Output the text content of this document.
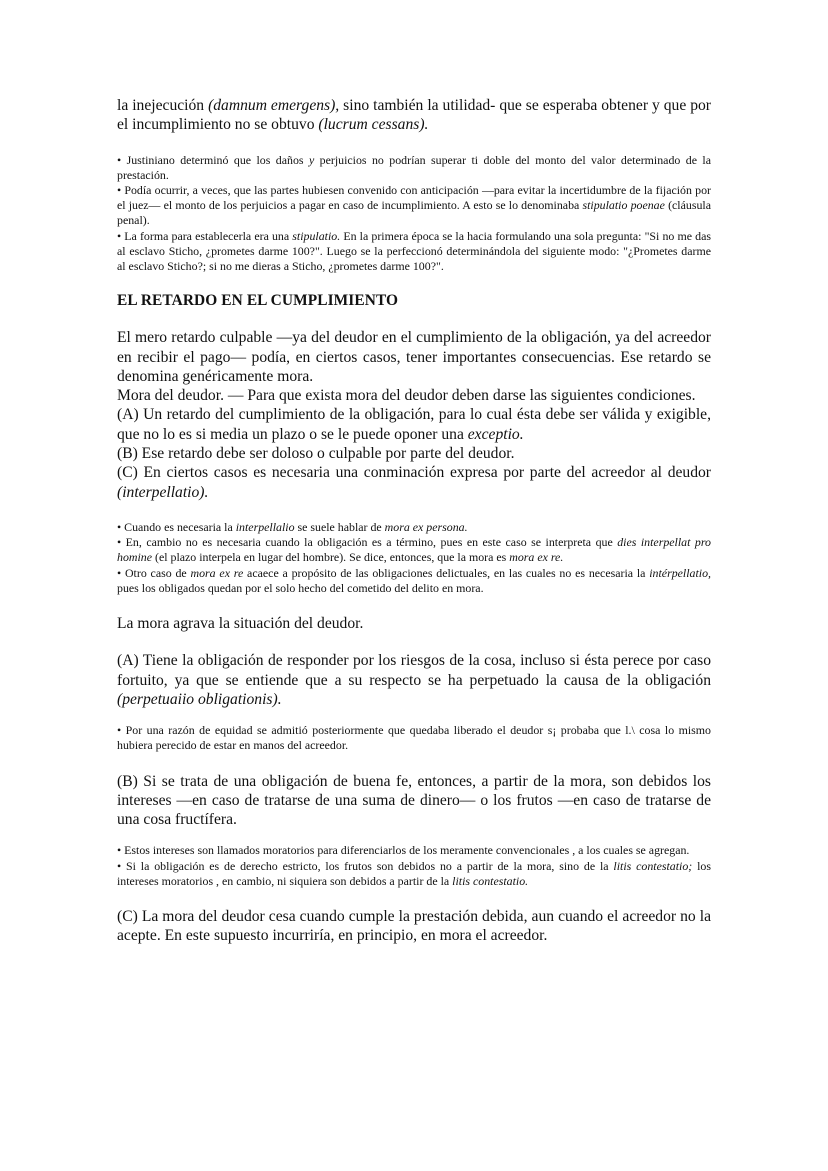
la inejecución (damnum emergens), sino también la utilidad- que se esperaba obtener y que por el incumplimiento no se obtuvo (lucrum cessans).

• Justiniano determinó que los daños y perjuicios no podrían superar ti doble del monto del valor determinado de la prestación.

• Podía ocurrir, a veces, que las partes hubiesen convenido con anticipación —para evitar la incertidumbre de la fijación por el juez— el monto de los perjuicios a pagar en caso de incumplimiento. A esto se lo denominaba stipulatio poenae (cláusula penal).

• La forma para establecerla era una stipulatio. En la primera época se la hacia formulando una sola pregunta: "Si no me das al esclavo Sticho, ¿prometes darme 100?". Luego se la perfeccionó determinándola del siguiente modo: "¿Prometes darme al esclavo Sticho?; si no me dieras a Sticho, ¿prometes darme 100?".

EL RETARDO EN EL CUMPLIMIENTO

El mero retardo culpable —ya del deudor en el cumplimiento de la obligación, ya del acreedor en recibir el pago— podía, en ciertos casos, tener importantes consecuencias. Ese retardo se denomina genéricamente mora.

Mora del deudor. — Para que exista mora del deudor deben darse las siguientes condiciones.

(A) Un retardo del cumplimiento de la obligación, para lo cual ésta debe ser válida y exigible, que no lo es si media un plazo o se le puede oponer una exceptio.

(B) Ese retardo debe ser doloso o culpable por parte del deudor.

(C) En ciertos casos es necesaria una conminación expresa por parte del acreedor al deudor (interpellatio).

• Cuando es necesaria la interpellalio se suele hablar de mora ex persona.

• En, cambio no es necesaria cuando la obligación es a término, pues en este caso se interpreta que dies interpellat pro homine (el plazo interpela en lugar del hombre). Se dice, entonces, que la mora es mora ex re.

• Otro caso de mora ex re acaece a propósito de las obligaciones delictuales, en las cuales no es necesaria la intérpellatio, pues los obligados quedan por el solo hecho del cometido del delito en mora.

La mora agrava la situación del deudor.

(A) Tiene la obligación de responder por los riesgos de la cosa, incluso si ésta perece por caso fortuito, ya que se entiende que a su respecto se ha perpetuado la causa de la obligación (perpetuaiio obligationis).

• Por una razón de equidad se admitió posteriormente que quedaba liberado el deudor s¡ probaba que l.\ cosa lo mismo hubiera perecido de estar en manos del acreedor.

(B) Si se trata de una obligación de buena fe, entonces, a partir de la mora, son debidos los intereses —en caso de tratarse de una suma de dinero— o los frutos —en caso de tratarse de una cosa fructífera.

• Estos intereses son llamados moratorios para diferenciarlos de los meramente convencionales , a los cuales se agregan.

• Si la obligación es de derecho estricto, los frutos son debidos no a partir de la mora, sino de la litis contestatio; los intereses moratorios , en cambio, ni siquiera son debidos a partir de la litis contestatio.

(C) La mora del deudor cesa cuando cumple la prestación debida, aun cuando el acreedor no la acepte. En este supuesto incurriría, en principio, en mora el acreedor.
